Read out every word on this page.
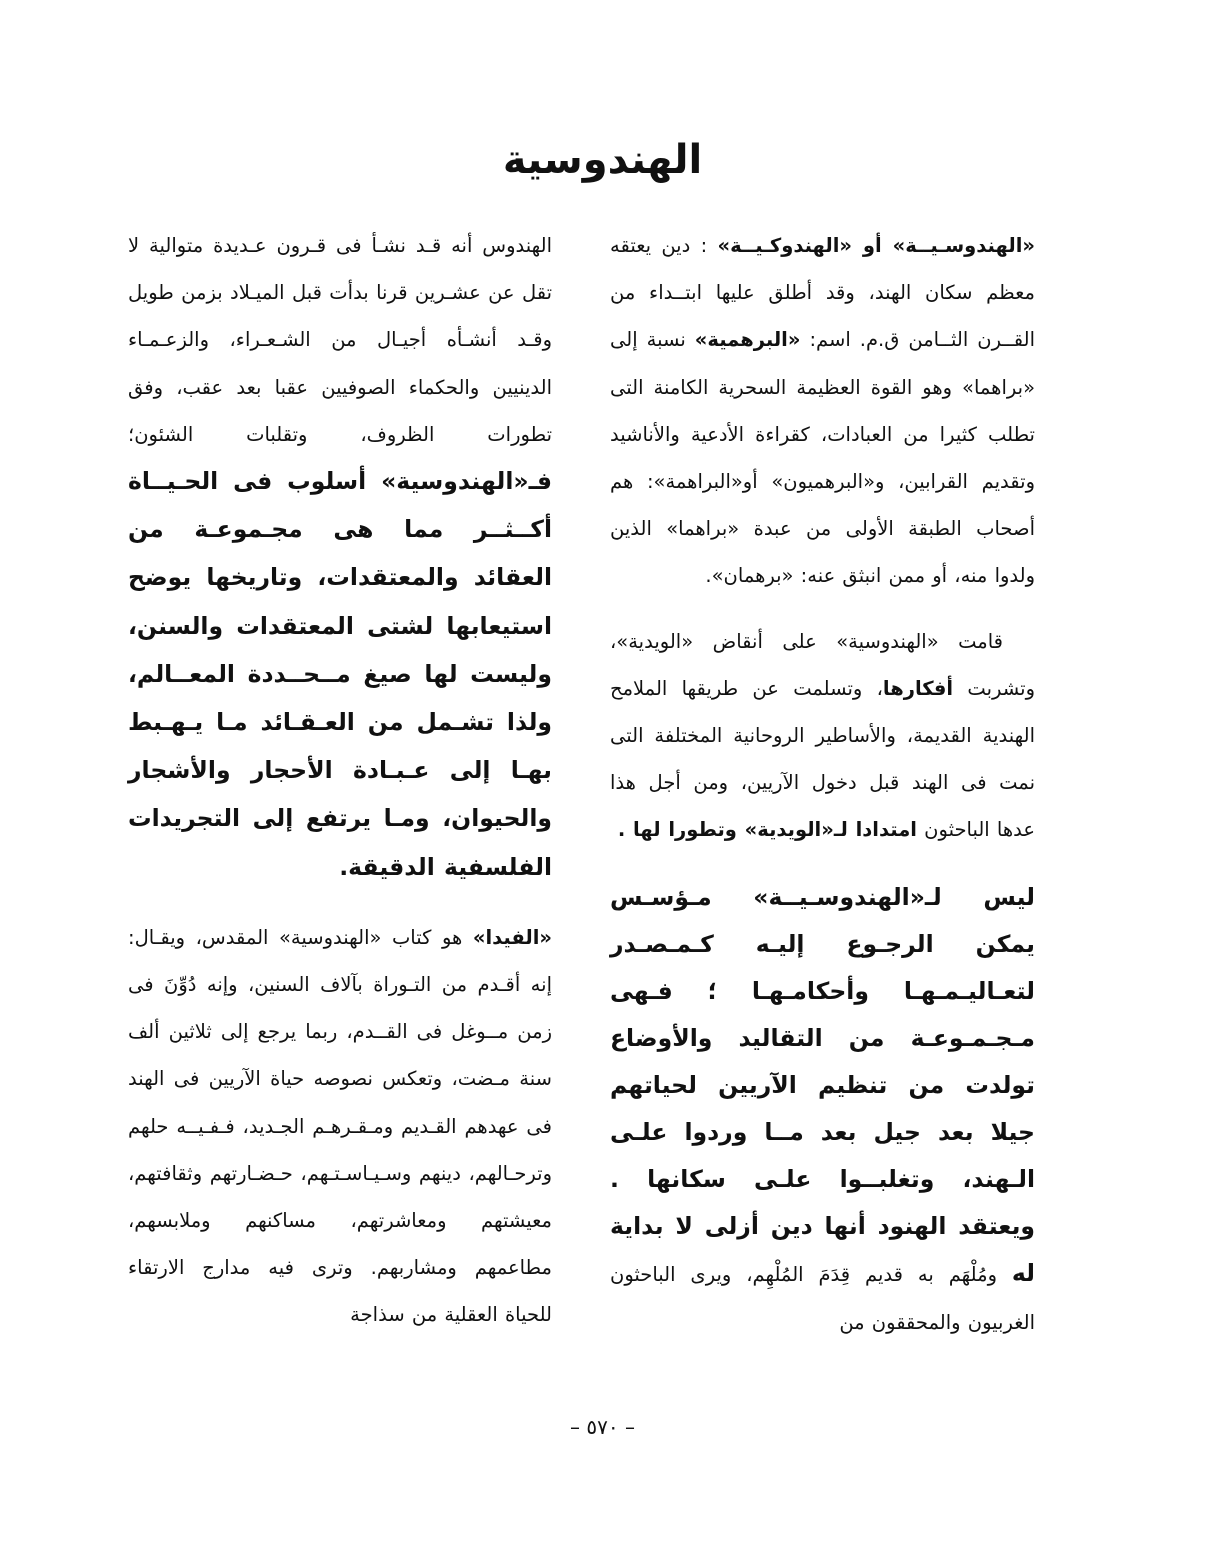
الهندوسية

«الهندوسـيــة» أو «الهندوكـيــة» : دين يعتقه معظم سكان الهند، وقد أطلق عليها ابتــداء من القــرن الثــامن ق.م. اسم: «البرهمية» نسبة إلى «براهما» وهو القوة العظيمة السحرية الكامنة التى تطلب كثيرا من العبادات، كقراءة الأدعية والأناشيد وتقديم القرابين، و«البرهميون» أو«البراهمة»: هم أصحاب الطبقة الأولى من عبدة «براهما» الذين ولدوا منه، أو ممن انبثق عنه: «برهمان».

قامت «الهندوسية» على أنقاض «الويدية»، وتشربت أفكارها، وتسلمت عن طريقها الملامح الهندية القديمة، والأساطير الروحانية المختلفة التى نمت فى الهند قبل دخول الآريين، ومن أجل هذا عدها الباحثون امتدادا لـ«الويدية» وتطورا لها .

ليس لـ«الهندوسـيــة» مـؤسـس يمكن الرجـوع إليـه كـمـصـدر لتعـاليـمـهـا وأحكامـهـا ؛ فـهى مـجـمـوعـة من التقاليد والأوضاع تولدت من تنظيم الآريين لحياتهم جيلا بعد جيل بعد مــا وردوا علـى الـهند، وتغلبــوا علـى سكانها . ويعتقد الهنود أنها دين أزلى لا بداية له ومُلْهَم به قديم قِدَمَ المُلْهِم، ويرى الباحثون الغربيون والمحققون من

الهندوس أنه قـد نشـأ فى قـرون عـديدة متوالية لا تقل عن عشـرين قرنا بدأت قبل الميـلاد بزمن طويل وقـد أنشـأه أجيـال من الشـعـراء، والزعـمـاء الدينيين والحكماء الصوفيين عقبا بعد عقب، وفق تطورات الظروف، وتقلبات الشئون؛ فـ«الهندوسية» أسلوب فى الحـيــاة أكــثــر مما هى مجـموعـة من العقائد والمعتقدات، وتاريخها يوضح استيعابها لشتى المعتقدات والسنن، وليست لها صيغ مــحــددة المعــالم، ولذا تشـمل من العـقـائد مـا يـهـبط بهـا إلى عـبـادة الأحجار والأشجار والحيوان، ومـا يرتفع إلى التجريدات الفلسفية الدقيقة.

«الفيدا» هو كتاب «الهندوسية» المقدس، ويقـال: إنه أقـدم من التـوراة بآلاف السنين، وإنه دُوِّنَ فى زمن مــوغل فى القــدم، ربما يرجع إلى ثلاثين ألف سنة مـضت، وتعكس نصوصه حياة الآريين فى الهند فى عهدهم القـديم ومـقـرهـم الجـديد، فـفـيــه حلهم وترحـالهم، دينهم وسـيـاسـتـهم، حـضـارتهم وثقافتهم، معيشتهم ومعاشرتهم، مساكنهم وملابسهم، مطاعمهم ومشاربهم. وترى فيه مدارج الارتقاء للحياة العقلية من سذاجة

– ٥٧٠ –
